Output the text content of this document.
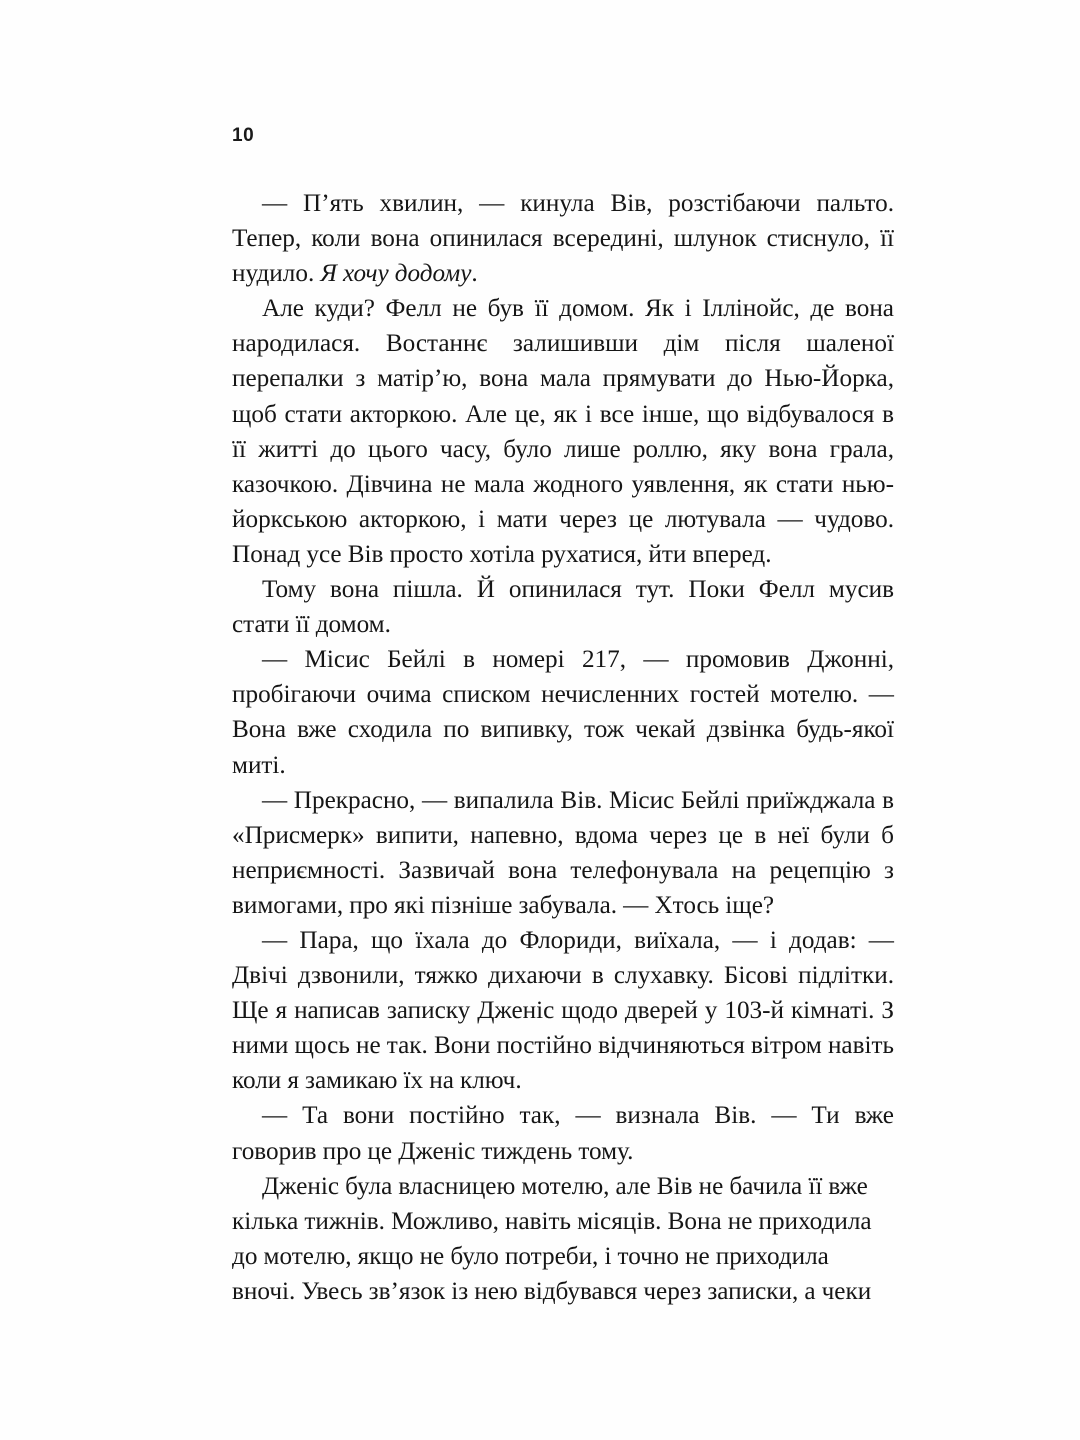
10

— П’ять хвилин, — кинула Вів, розстібаючи пальто. Тепер, коли вона опинилася всередині, шлунок стиснуло, її нудило. Я хочу додому.

Але куди? Фелл не був її домом. Як і Іллінойс, де вона народилася. Востаннє залишивши дім після шаленої перепалки з матір’ю, вона мала прямувати до Нью-Йорка, щоб стати акторкою. Але це, як і все інше, що відбувалося в її житті до цього часу, було лише роллю, яку вона грала, казочкою. Дівчина не мала жодного уявлення, як стати нью-йоркською акторкою, і мати через це лютувала — чудово. Понад усе Вів просто хотіла рухатися, йти вперед.

Тому вона пішла. Й опинилася тут. Поки Фелл мусив стати її домом.

— Місис Бейлі в номері 217, — промовив Джонні, пробігаючи очима списком нечисленних гостей мотелю. — Вона вже сходила по випивку, тож чекай дзвінка будь-якої миті.

— Прекрасно, — випалила Вів. Місис Бейлі приїжджала в «Присмерк» випити, напевно, вдома через це в неї були б неприємності. Зазвичай вона телефонувала на рецепцію з вимогами, про які пізніше забувала. — Хтось іще?

— Пара, що їхала до Флориди, виїхала, — і додав: — Двічі дзвонили, тяжко дихаючи в слухавку. Бісові підлітки. Ще я написав записку Дженіс щодо дверей у 103-й кімнаті. З ними щось не так. Вони постійно відчиняються вітром навіть коли я замикаю їх на ключ.

— Та вони постійно так, — визнала Вів. — Ти вже говорив про це Дженіс тиждень тому.

Дженіс була власницею мотелю, але Вів не бачила її вже кілька тижнів. Можливо, навіть місяців. Вона не приходила до мотелю, якщо не було потреби, і точно не приходила вночі. Увесь зв’язок із нею відбувався через записки, а чеки
